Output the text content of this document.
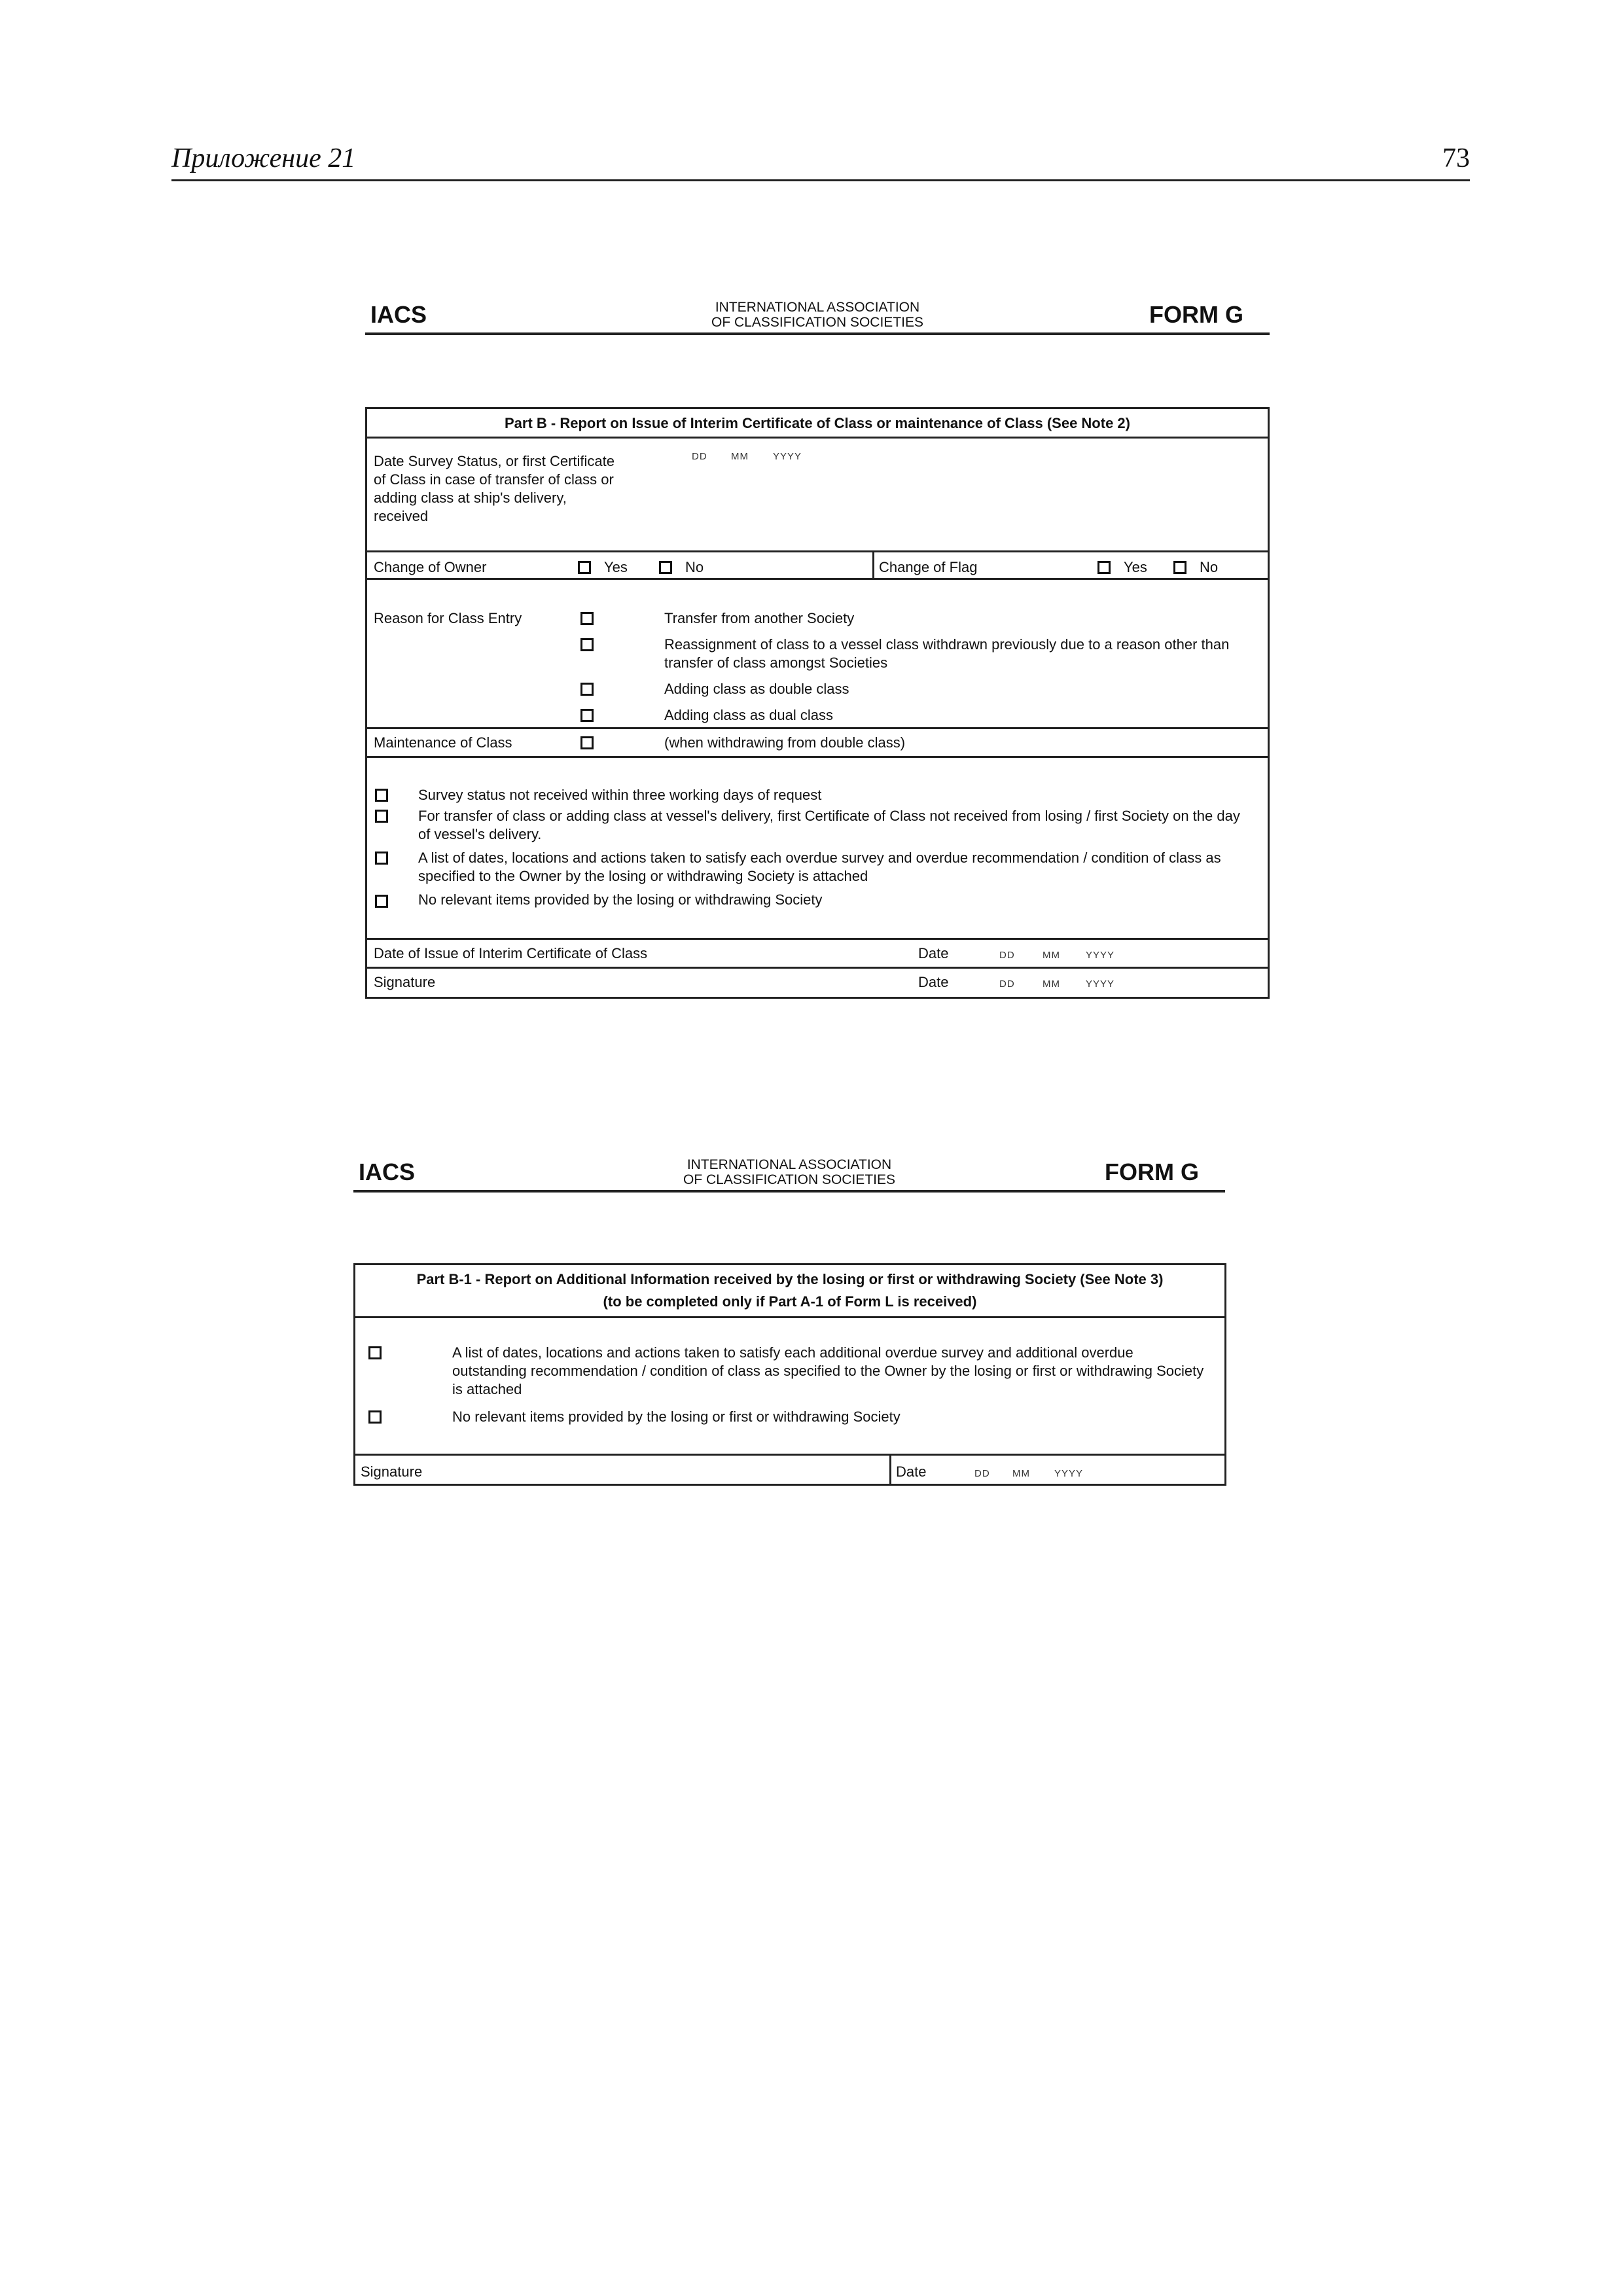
Приложение 21	73
IACS	INTERNATIONAL ASSOCIATION
OF CLASSIFICATION SOCIETIES	FORM G
Part B - Report on Issue of Interim Certificate of Class or maintenance of Class (See Note 2)
Date Survey Status, or first Certificate of Class in case of transfer of class or adding class at ship's delivery, received
DD MM YYYY
Change of Owner	Yes	No	Change of Flag	Yes	No
Reason for Class Entry	Transfer from another Society
Reassignment of class to a vessel class withdrawn previously due to a reason other than transfer of class amongst Societies
Adding class as double class
Adding class as dual class
Maintenance of Class	(when withdrawing from double class)
Survey status not received within three working days of request
For transfer of class or adding class at vessel's delivery, first Certificate of Class not received from losing / first Society on the day of vessel's delivery.
A list of dates, locations and actions taken to satisfy each overdue survey and overdue recommendation / condition of class as specified to the Owner by the losing or withdrawing Society is attached
No relevant items provided by the losing or withdrawing Society
Date of Issue of Interim Certificate of Class	Date	DD	MM	YYYY
Signature	Date	DD	MM	YYYY
IACS	INTERNATIONAL ASSOCIATION
OF CLASSIFICATION SOCIETIES	FORM G
Part B-1 - Report on Additional Information received by the losing or first or withdrawing Society (See Note 3)
(to be completed only if Part A-1 of Form L is received)
A list of dates, locations and actions taken to satisfy each additional overdue survey and additional overdue outstanding recommendation / condition of class as specified to the Owner by the losing or first or withdrawing Society is attached
No relevant items provided by the losing or first or withdrawing Society
Signature	Date	DD MM YYYY
